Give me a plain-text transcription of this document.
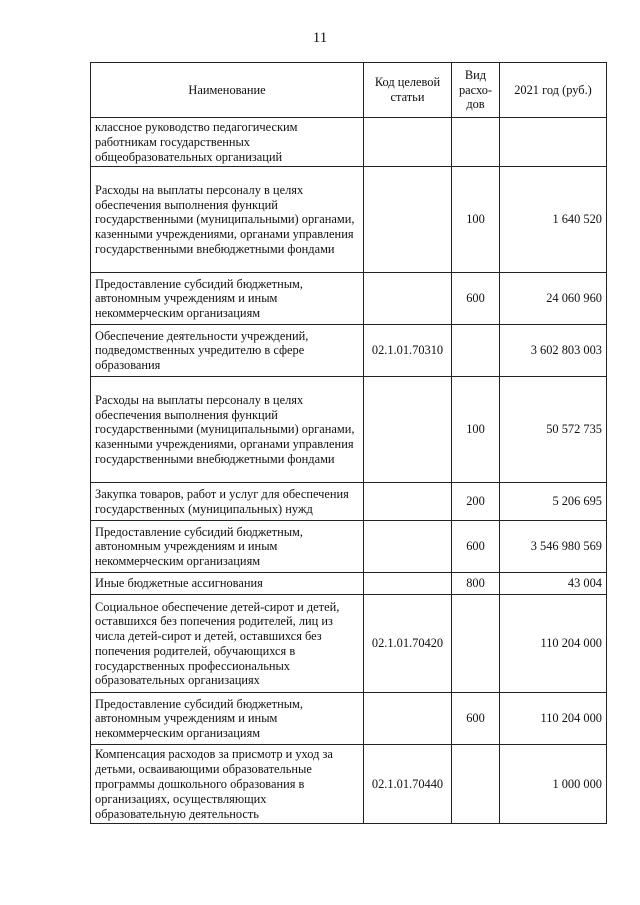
11
Наименование	Код целевой статьи	Вид расхо-дов	2021 год (руб.)
классное руководство педагогическим работникам государственных общеобразовательных организаций			
Расходы на выплаты персоналу в целях обеспечения выполнения функций государственными (муниципальными) органами, казенными учреждениями, органами управления государственными внебюджетными фондами		100	1 640 520
Предоставление субсидий бюджетным, автономным учреждениям и иным некоммерческим организациям		600	24 060 960
Обеспечение деятельности учреждений, подведомственных учредителю в сфере образования	02.1.01.70310		3 602 803 003
Расходы на выплаты персоналу в целях обеспечения выполнения функций государственными (муниципальными) органами, казенными учреждениями, органами управления государственными внебюджетными фондами		100	50 572 735
Закупка товаров, работ и услуг для обеспечения государственных (муниципальных) нужд		200	5 206 695
Предоставление субсидий бюджетным, автономным учреждениям и иным некоммерческим организациям		600	3 546 980 569
Иные бюджетные ассигнования		800	43 004
Социальное обеспечение детей-сирот и детей, оставшихся без попечения родителей, лиц из числа детей-сирот и детей, оставшихся без попечения родителей, обучающихся в государственных профессиональных образовательных организациях	02.1.01.70420		110 204 000
Предоставление субсидий бюджетным, автономным учреждениям и иным некоммерческим организациям		600	110 204 000
Компенсация расходов за присмотр и уход за детьми, осваивающими образовательные программы дошкольного образования в организациях, осуществляющих образовательную деятельность	02.1.01.70440		1 000 000
